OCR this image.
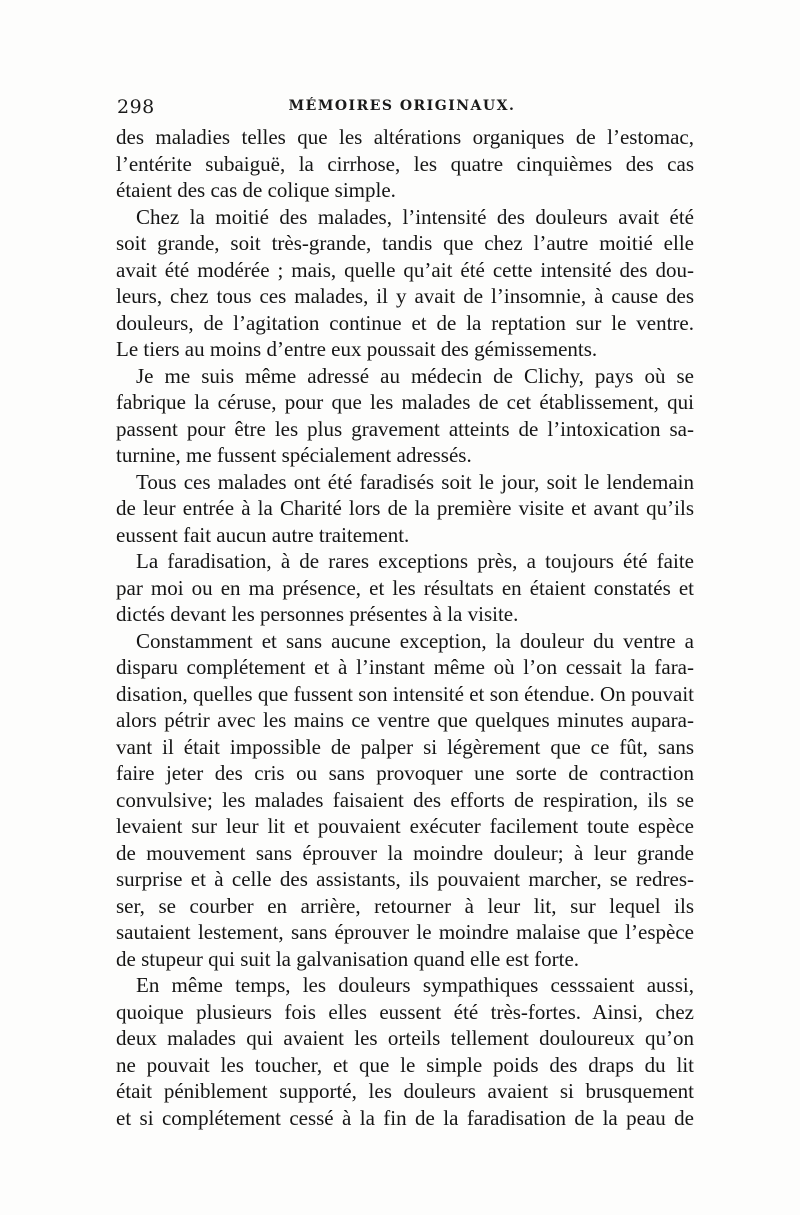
298	MÉMOIRES ORIGINAUX.
des maladies telles que les altérations organiques de l’estomac,
l’entérite subaiguë, la cirrhose, les quatre cinquièmes des cas
étaient des cas de colique simple.
Chez la moitié des malades, l’intensité des douleurs avait été
soit grande, soit très-grande, tandis que chez l’autre moitié elle
avait été modérée ; mais, quelle qu’ait été cette intensité des dou-
leurs, chez tous ces malades, il y avait de l’insomnie, à cause des
douleurs, de l’agitation continue et de la reptation sur le ventre.
Le tiers au moins d’entre eux poussait des gémissements.
Je me suis même adressé au médecin de Clichy, pays où se
fabrique la céruse, pour que les malades de cet établissement, qui
passent pour être les plus gravement atteints de l’intoxication sa-
turnine, me fussent spécialement adressés.
Tous ces malades ont été faradisés soit le jour, soit le lendemain
de leur entrée à la Charité lors de la première visite et avant qu’ils
eussent fait aucun autre traitement.
La faradisation, à de rares exceptions près, a toujours été faite
par moi ou en ma présence, et les résultats en étaient constatés et
dictés devant les personnes présentes à la visite.
Constamment et sans aucune exception, la douleur du ventre a
disparu complétement et à l’instant même où l’on cessait la fara-
disation, quelles que fussent son intensité et son étendue. On pouvait
alors pétrir avec les mains ce ventre que quelques minutes aupara-
vant il était impossible de palper si légèrement que ce fût, sans
faire jeter des cris ou sans provoquer une sorte de contraction
convulsive; les malades faisaient des efforts de respiration, ils se
levaient sur leur lit et pouvaient exécuter facilement toute espèce
de mouvement sans éprouver la moindre douleur; à leur grande
surprise et à celle des assistants, ils pouvaient marcher, se redres-
ser, se courber en arrière, retourner à leur lit, sur lequel ils
sautaient lestement, sans éprouver le moindre malaise que l’espèce
de stupeur qui suit la galvanisation quand elle est forte.
En même temps, les douleurs sympathiques cesssaient aussi,
quoique plusieurs fois elles eussent été très-fortes. Ainsi, chez
deux malades qui avaient les orteils tellement douloureux qu’on
ne pouvait les toucher, et que le simple poids des draps du lit
était péniblement supporté, les douleurs avaient si brusquement
et si complétement cessé à la fin de la faradisation de la peau de
